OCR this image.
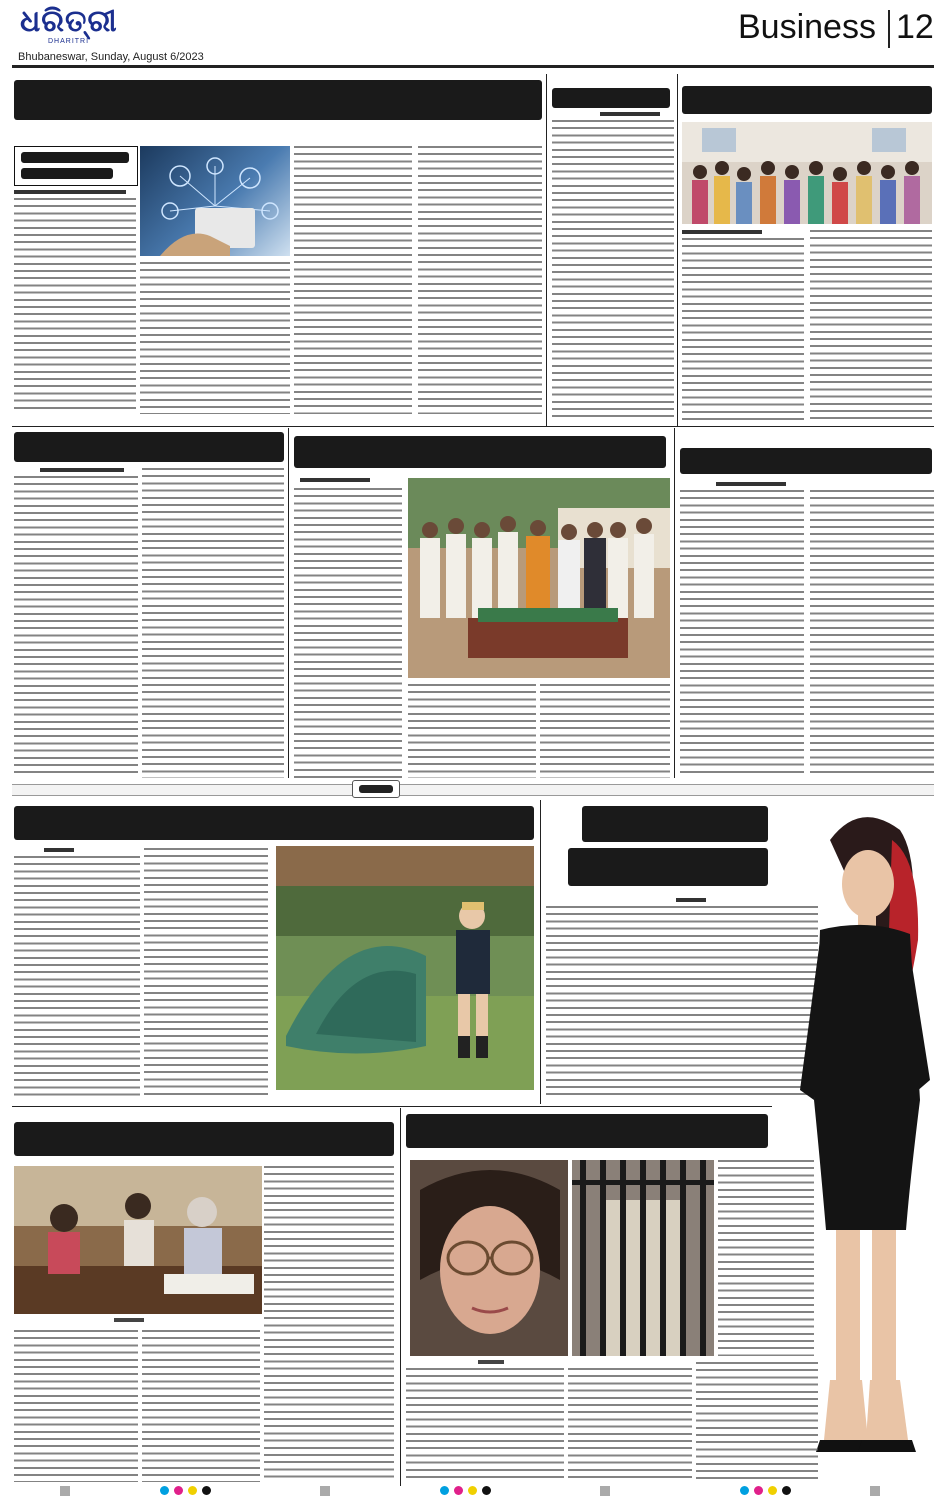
ଧରିତ୍ରୀ
DHARITRI
Bhubaneswar, Sunday, August 6/2023
Business 12
